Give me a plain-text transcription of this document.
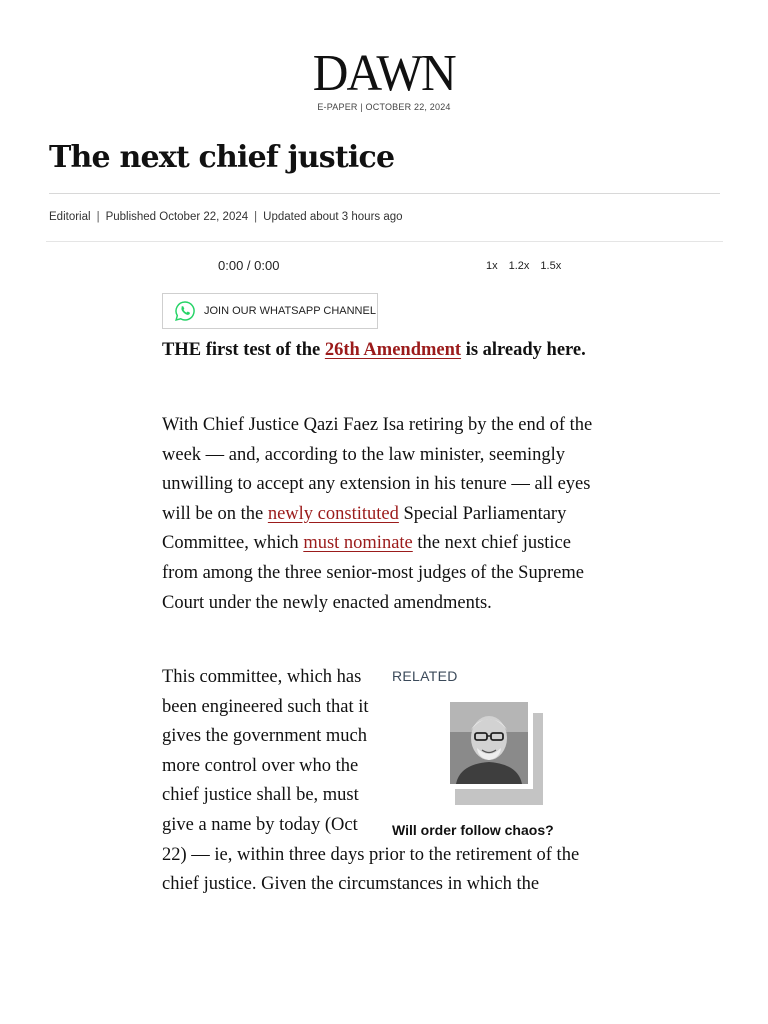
DAWN
E-PAPER | OCTOBER 22, 2024
The next chief justice
Editorial | Published October 22, 2024 | Updated about 3 hours ago
0:00 / 0:00	1x 1.2x 1.5x
JOIN OUR WHATSAPP CHANNEL

THE first test of the 26th Amendment is already here.

With Chief Justice Qazi Faez Isa retiring by the end of the week — and, according to the law minister, seemingly unwilling to accept any extension in his tenure — all eyes will be on the newly constituted Special Parliamentary Committee, which must nominate the next chief justice from among the three senior-most judges of the Supreme Court under the newly enacted amendments.

RELATED
Will order follow chaos?
This committee, which has been engineered such that it gives the government much more control over who the chief justice shall be, must give a name by today (Oct 22) — ie, within three days prior to the retirement of the chief justice. Given the circumstances in which the
